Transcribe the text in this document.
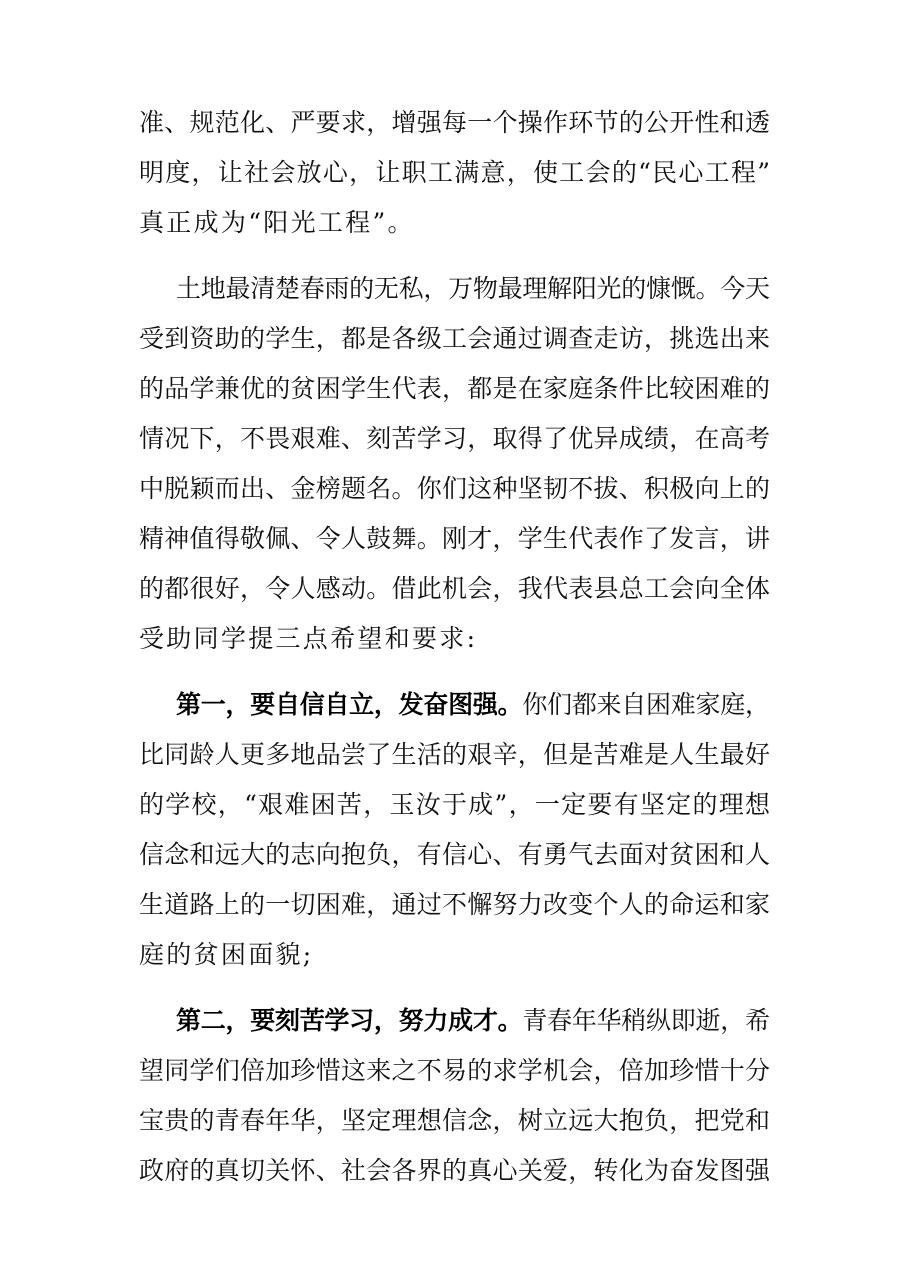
准、规范化、严要求，增强每一个操作环节的公开性和透
明度，让社会放心，让职工满意，使工会的“民心工程”
真正成为“阳光工程”。
土地最清楚春雨的无私，万物最理解阳光的慷慨。今天
受到资助的学生，都是各级工会通过调查走访，挑选出来
的品学兼优的贫困学生代表，都是在家庭条件比较困难的
情况下，不畏艰难、刻苦学习，取得了优异成绩，在高考
中脱颖而出、金榜题名。你们这种坚韧不拔、积极向上的
精神值得敬佩、令人鼓舞。刚才，学生代表作了发言，讲
的都很好，令人感动。借此机会，我代表县总工会向全体
受助同学提三点希望和要求:
第一，要自信自立，发奋图强。 你们都来自困难家庭，
比同龄人更多地品尝了生活的艰辛，但是苦难是人生最好
的学校，“艰难困苦，玉汝于成”，一定要有坚定的理想
信念和远大的志向抱负，有信心、有勇气去面对贫困和人
生道路上的一切困难，通过不懈努力改变个人的命运和家
庭的贫困面貌;
第二，要刻苦学习，努力成才。 青春年华稍纵即逝，希
望同学们倍加珍惜这来之不易的求学机会，倍加珍惜十分
宝贵的青春年华，坚定理想信念，树立远大抱负，把党和
政府的真切关怀、社会各界的真心关爱，转化为奋发图强
